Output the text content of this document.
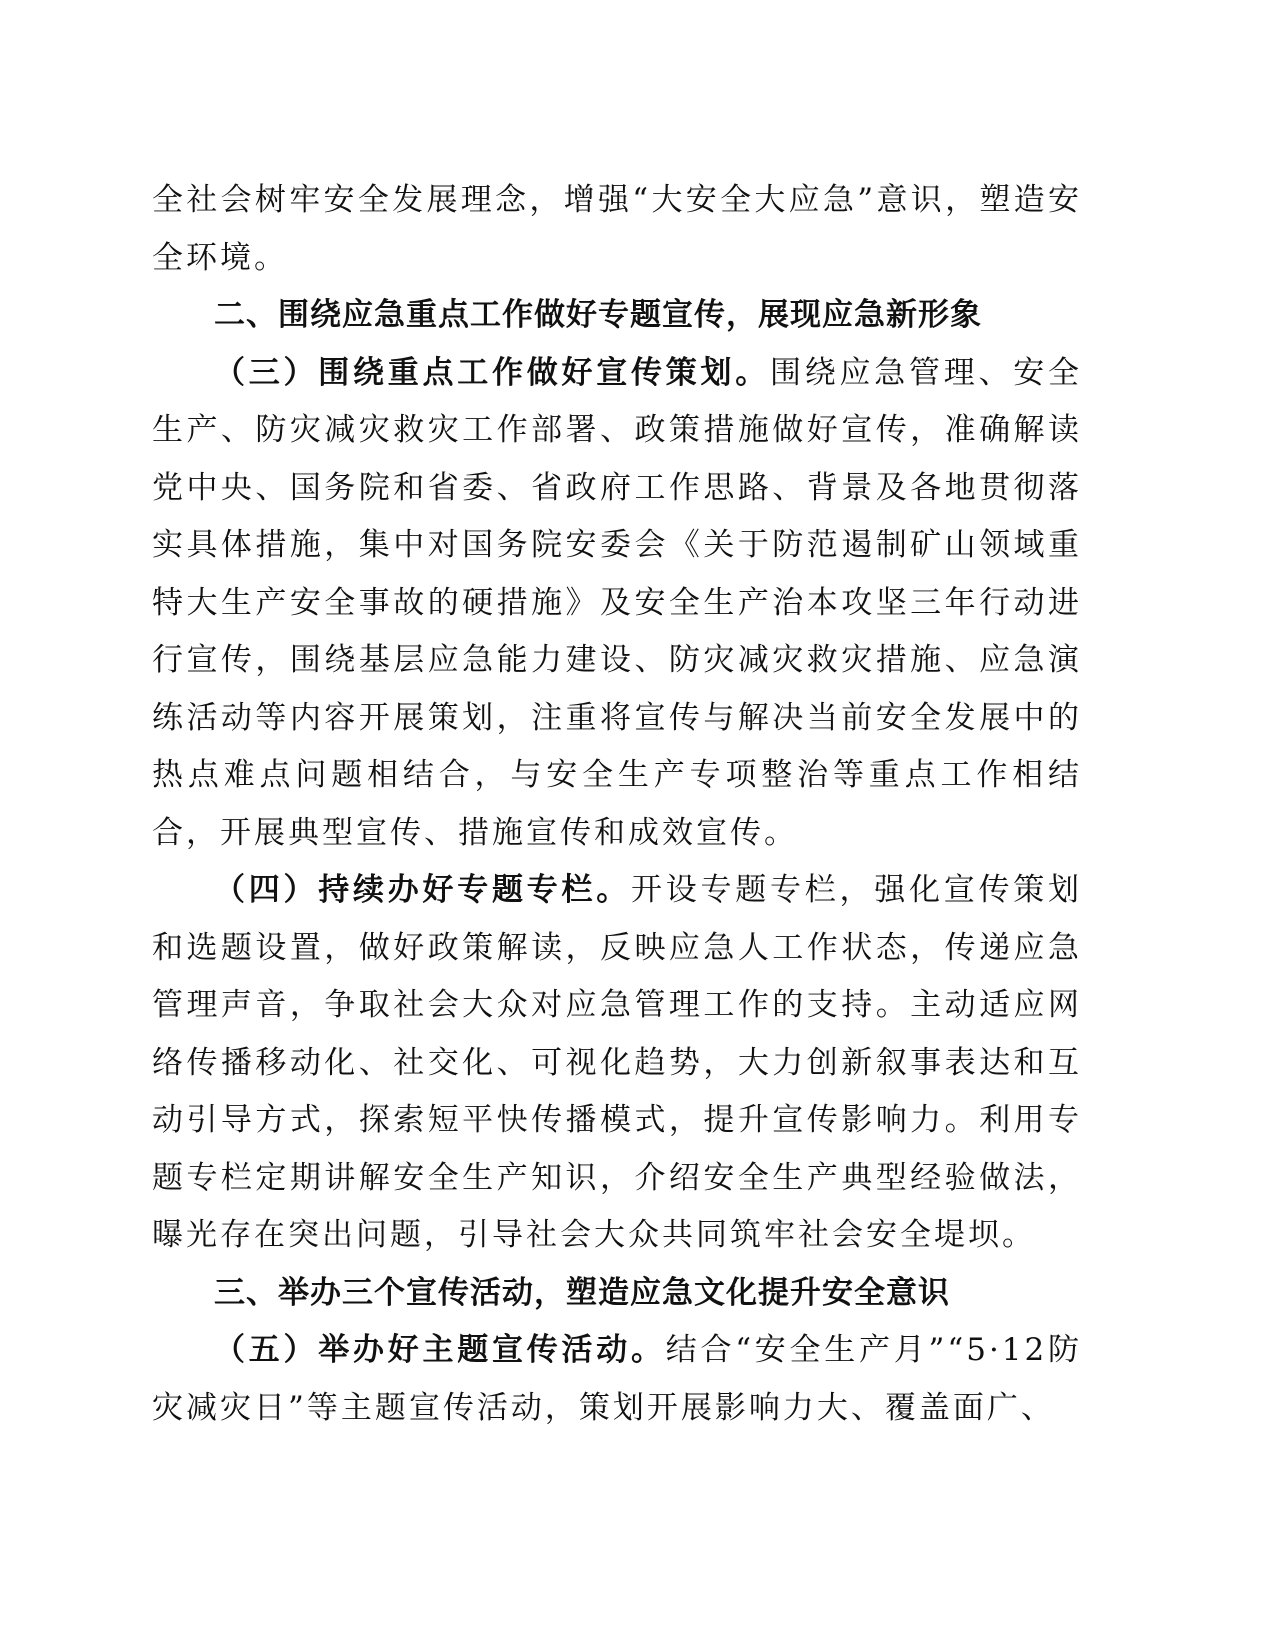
全社会树牢安全发展理念，增强“大安全大应急”意识，塑造安全环境。

二、围绕应急重点工作做好专题宣传，展现应急新形象

（三）围绕重点工作做好宣传策划。围绕应急管理、安全生产、防灾减灾救灾工作部署、政策措施做好宣传，准确解读党中央、国务院和省委、省政府工作思路、背景及各地贯彻落实具体措施，集中对国务院安委会《关于防范遏制矿山领域重特大生产安全事故的硬措施》及安全生产治本攻坚三年行动进行宣传，围绕基层应急能力建设、防灾减灾救灾措施、应急演练活动等内容开展策划，注重将宣传与解决当前安全发展中的热点难点问题相结合，与安全生产专项整治等重点工作相结合，开展典型宣传、措施宣传和成效宣传。

（四）持续办好专题专栏。开设专题专栏，强化宣传策划和选题设置，做好政策解读，反映应急人工作状态，传递应急管理声音，争取社会大众对应急管理工作的支持。主动适应网络传播移动化、社交化、可视化趋势，大力创新叙事表达和互动引导方式，探索短平快传播模式，提升宣传影响力。利用专题专栏定期讲解安全生产知识，介绍安全生产典型经验做法，曝光存在突出问题，引导社会大众共同筑牢社会安全堤坝。

三、举办三个宣传活动，塑造应急文化提升安全意识

（五）举办好主题宣传活动。结合“安全生产月”“5·12防灾减灾日”等主题宣传活动，策划开展影响力大、覆盖面广、
